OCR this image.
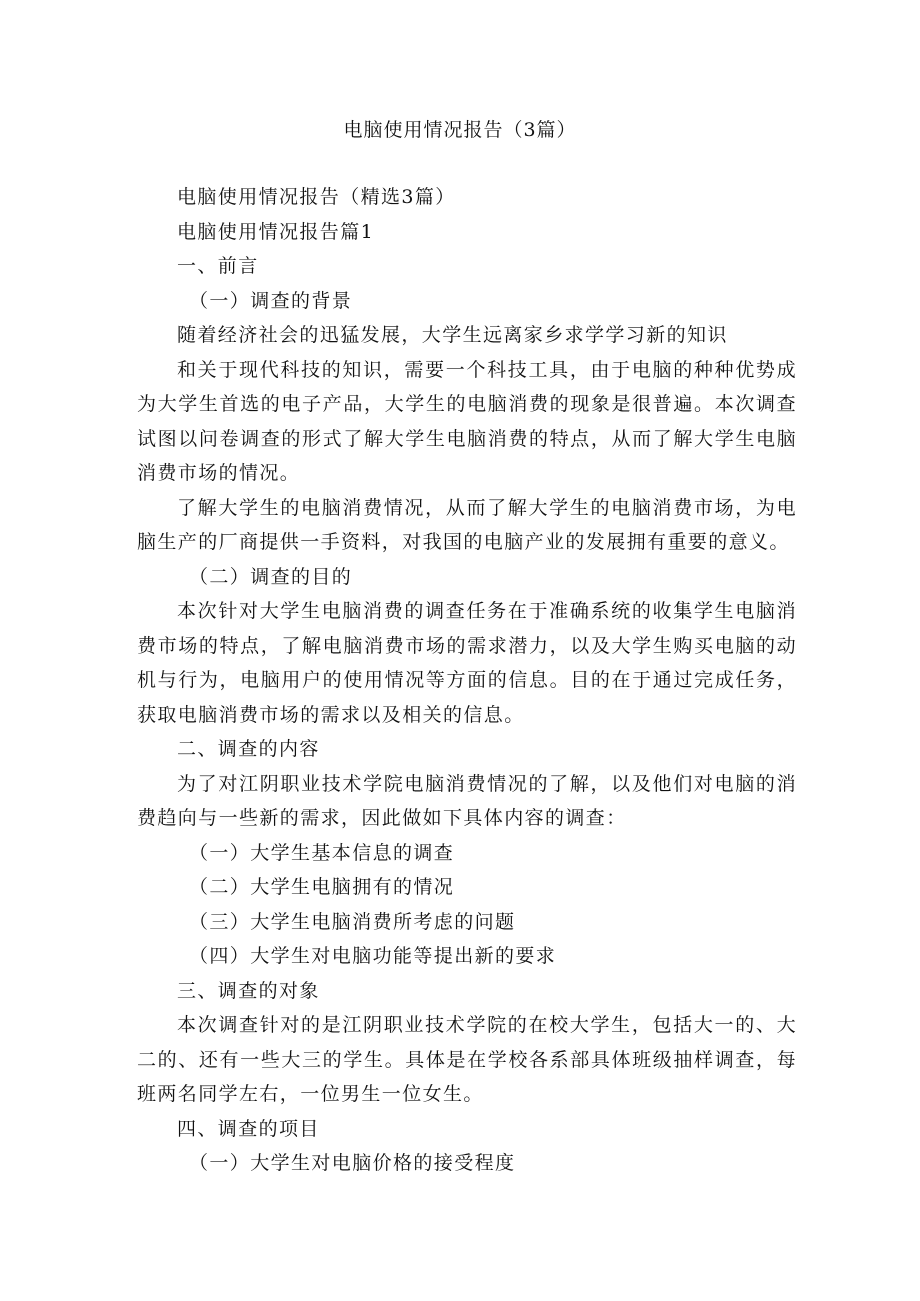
电脑使用情况报告（3篇）

电脑使用情况报告（精选3篇）

电脑使用情况报告篇1

一、前言

（一）调查的背景

随着经济社会的迅猛发展，大学生远离家乡求学学习新的知识

和关于现代科技的知识，需要一个科技工具，由于电脑的种种优势成为大学生首选的电子产品，大学生的电脑消费的现象是很普遍。本次调查试图以问卷调查的形式了解大学生电脑消费的特点，从而了解大学生电脑消费市场的情况。

了解大学生的电脑消费情况，从而了解大学生的电脑消费市场，为电脑生产的厂商提供一手资料，对我国的电脑产业的发展拥有重要的意义。

（二）调查的目的

本次针对大学生电脑消费的调查任务在于准确系统的收集学生电脑消费市场的特点，了解电脑消费市场的需求潜力，以及大学生购买电脑的动机与行为，电脑用户的使用情况等方面的信息。目的在于通过完成任务，获取电脑消费市场的需求以及相关的信息。

二、调查的内容

为了对江阴职业技术学院电脑消费情况的了解，以及他们对电脑的消费趋向与一些新的需求，因此做如下具体内容的调查：

（一）大学生基本信息的调查

（二）大学生电脑拥有的情况

（三）大学生电脑消费所考虑的问题

（四）大学生对电脑功能等提出新的要求

三、调查的对象

本次调查针对的是江阴职业技术学院的在校大学生，包括大一的、大二的、还有一些大三的学生。具体是在学校各系部具体班级抽样调查，每班两名同学左右，一位男生一位女生。

四、调查的项目

（一）大学生对电脑价格的接受程度
